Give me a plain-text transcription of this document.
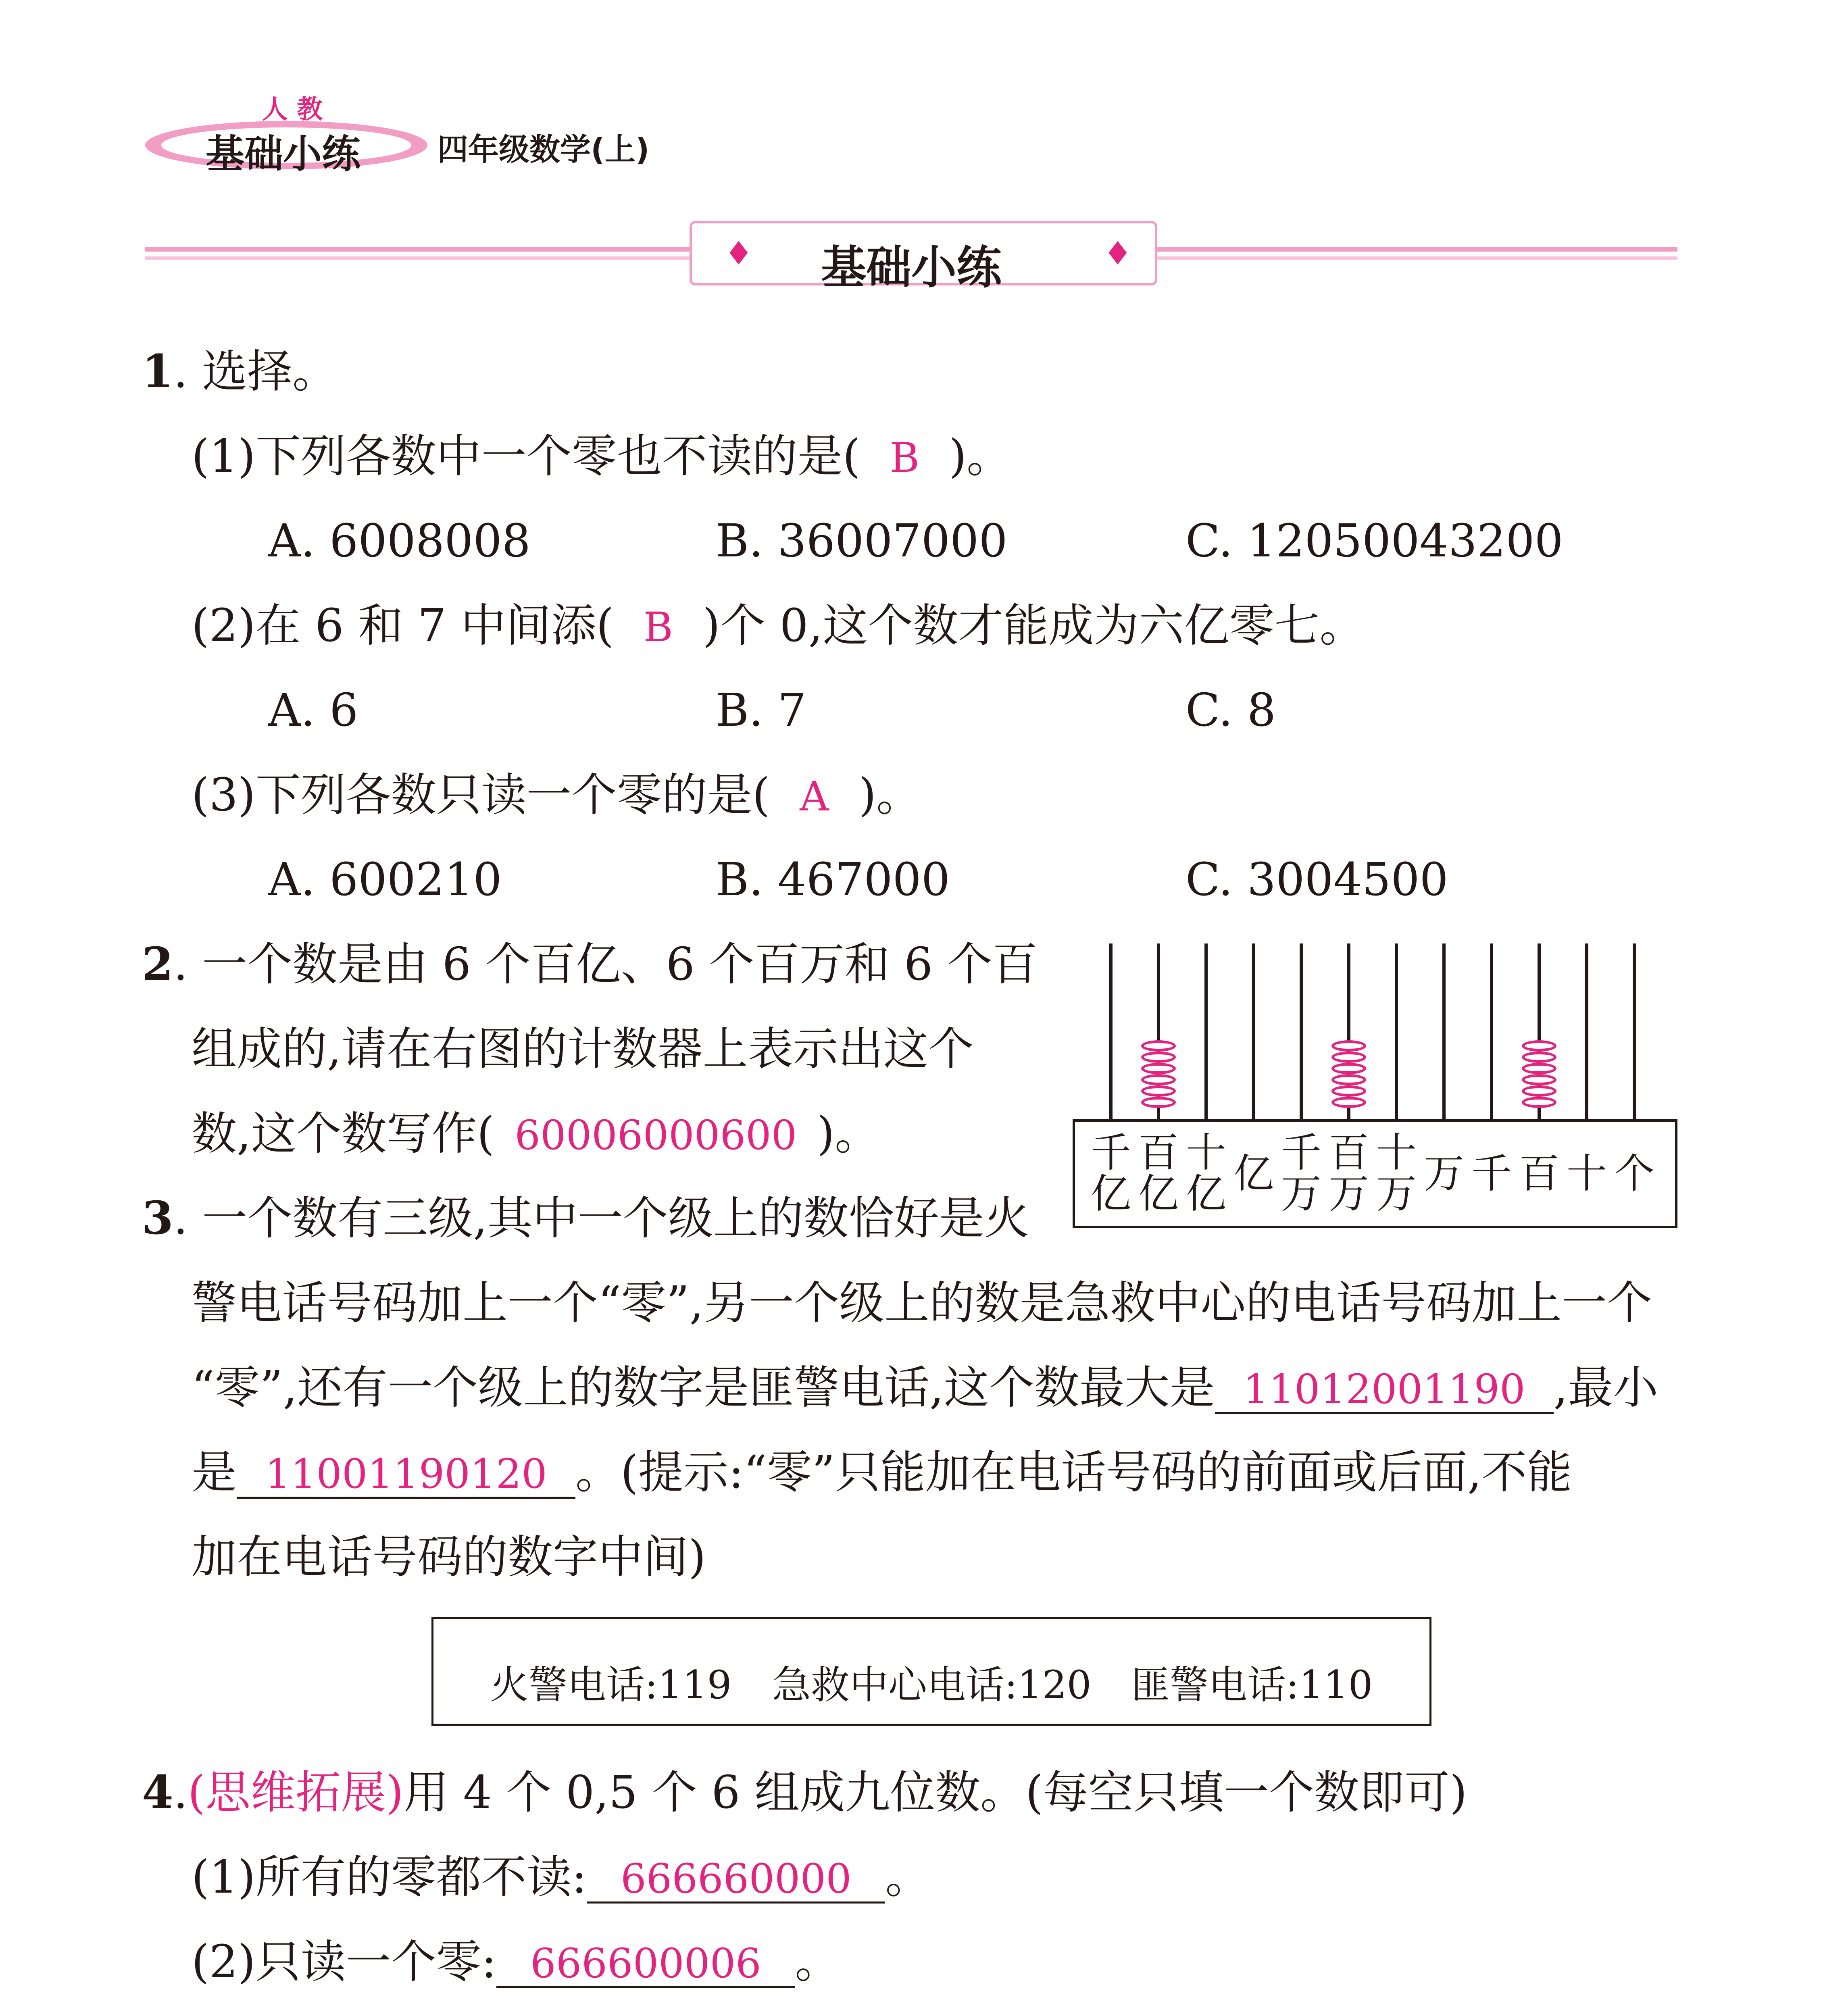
人 教
基础小练	四年级数学(上)
♦ 基础小练	♦
1. 选择。
(1)下列各数中一个零也不读的是( B )。
A. 6008008	B. 36007000	C. 12050043200
(2)在 6 和 7 中间添( B )个 0,这个数才能成为六亿零七。
A. 6	B. 7	C. 8
(3)下列各数只读一个零的是( A )。
A. 600210	B. 467000	C. 3004500
2. 一个数是由 6 个百亿、6 个百万和 6 个百
组成的,请在右图的计数器上表示出这个
数,这个数写作( 60006000600 )。	千
亿
百
亿
十
亿 亿 千
万
百
万
十
万 万 千 百 十 个
3. 一个数有三级,其中一个级上的数恰好是火
警电话号码加上一个“零”,另一个级上的数是急救中心的电话号码加上一个
“零”,还有一个级上的数字是匪警电话,这个数最大是 11012001190 ,最小
是 11001190120 。(提示:“零”只能加在电话号码的前面或后面,不能
加在电话号码的数字中间)
火警电话:119 急救中心电话:120 匪警电话:110
4.(思维拓展)用 4 个 0,5 个 6 组成九位数。(每空只填一个数即可)
(1)所有的零都不读: 666660000 。
(2)只读一个零: 666600006 。
